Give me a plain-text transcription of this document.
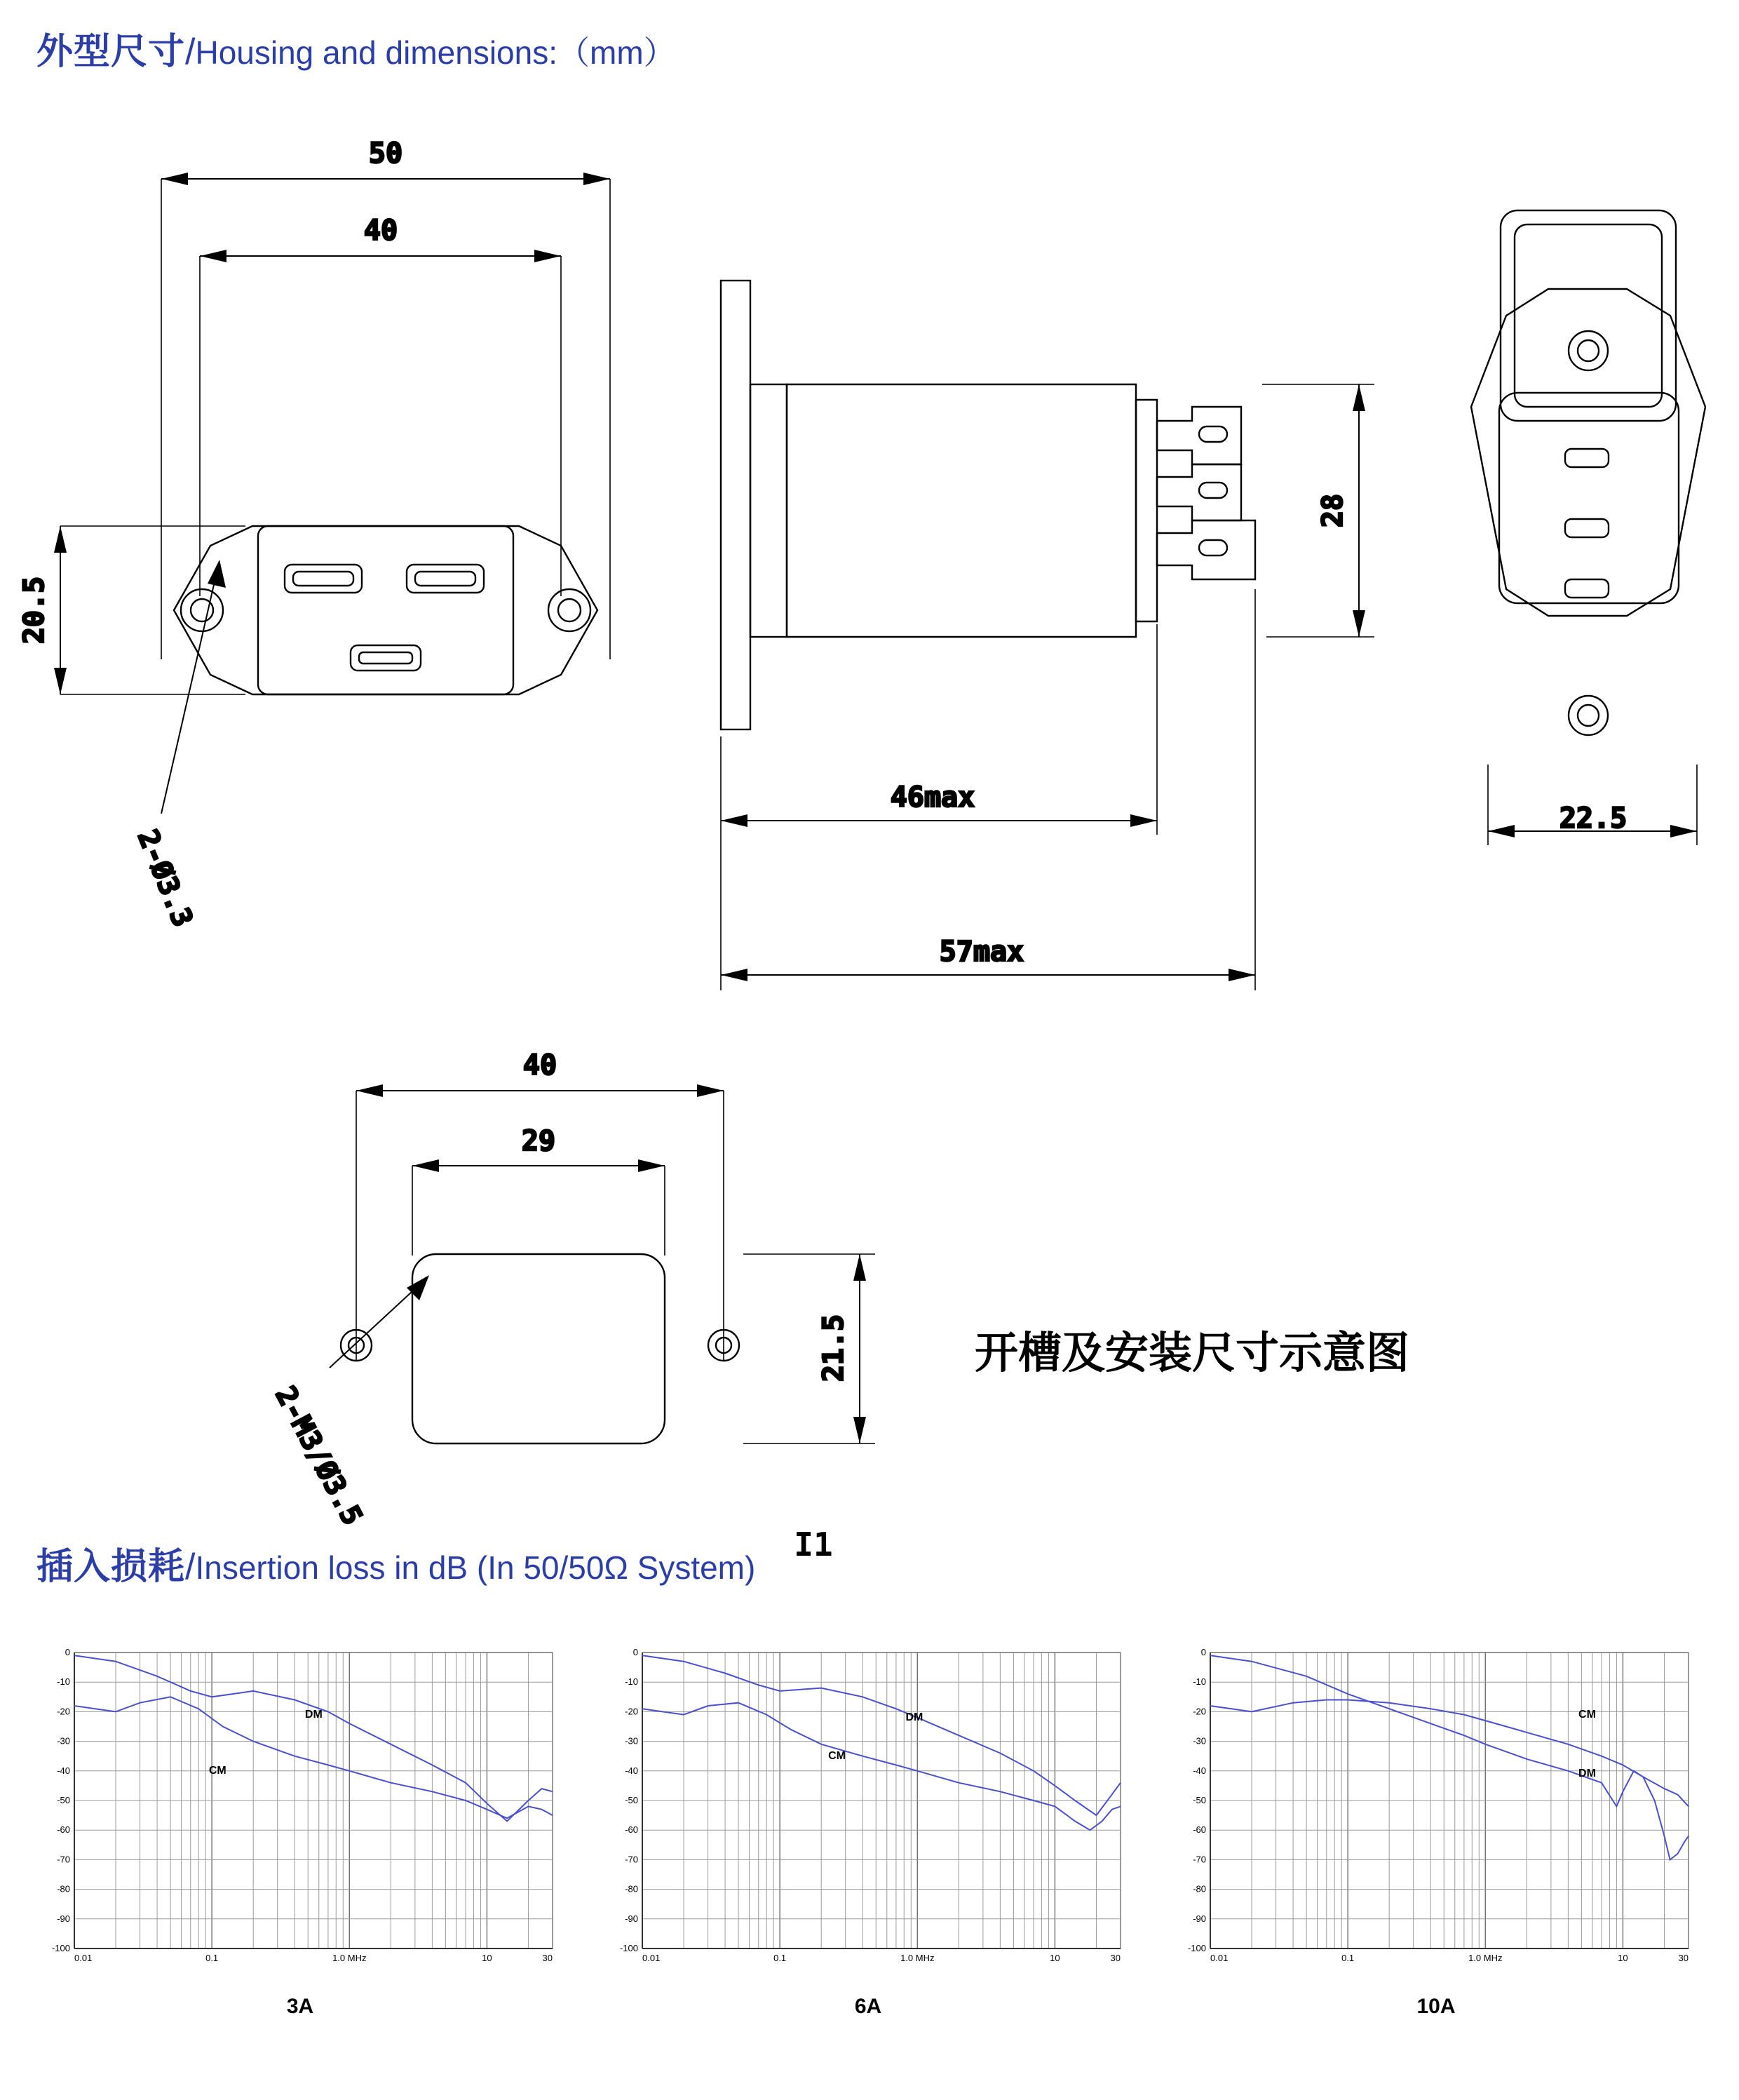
外型尺寸/Housing and dimensions:（mm）
50
40
20.5
2-Ø3.3
28
46max
57max
22.5
40
29
21.5
2-M3/Ø3.5
开槽及安装尺寸示意图
I1
插入损耗/Insertion loss in dB (In 50/50Ω System)
-100
-90
-80
-70
-60
-50
-40
-30
-20
-10
0
0.01	0.1	1.0 MHz	10	30
DM
CM
3A
-100
-90
-80
-70
-60
-50
-40
-30
-20
-10
0
0.01	0.1	1.0 MHz	10	30
DM
CM
6A
-100
-90
-80
-70
-60
-50
-40
-30
-20
-10
0
0.01	0.1	1.0 MHz	10	30
CM
DM
10A
